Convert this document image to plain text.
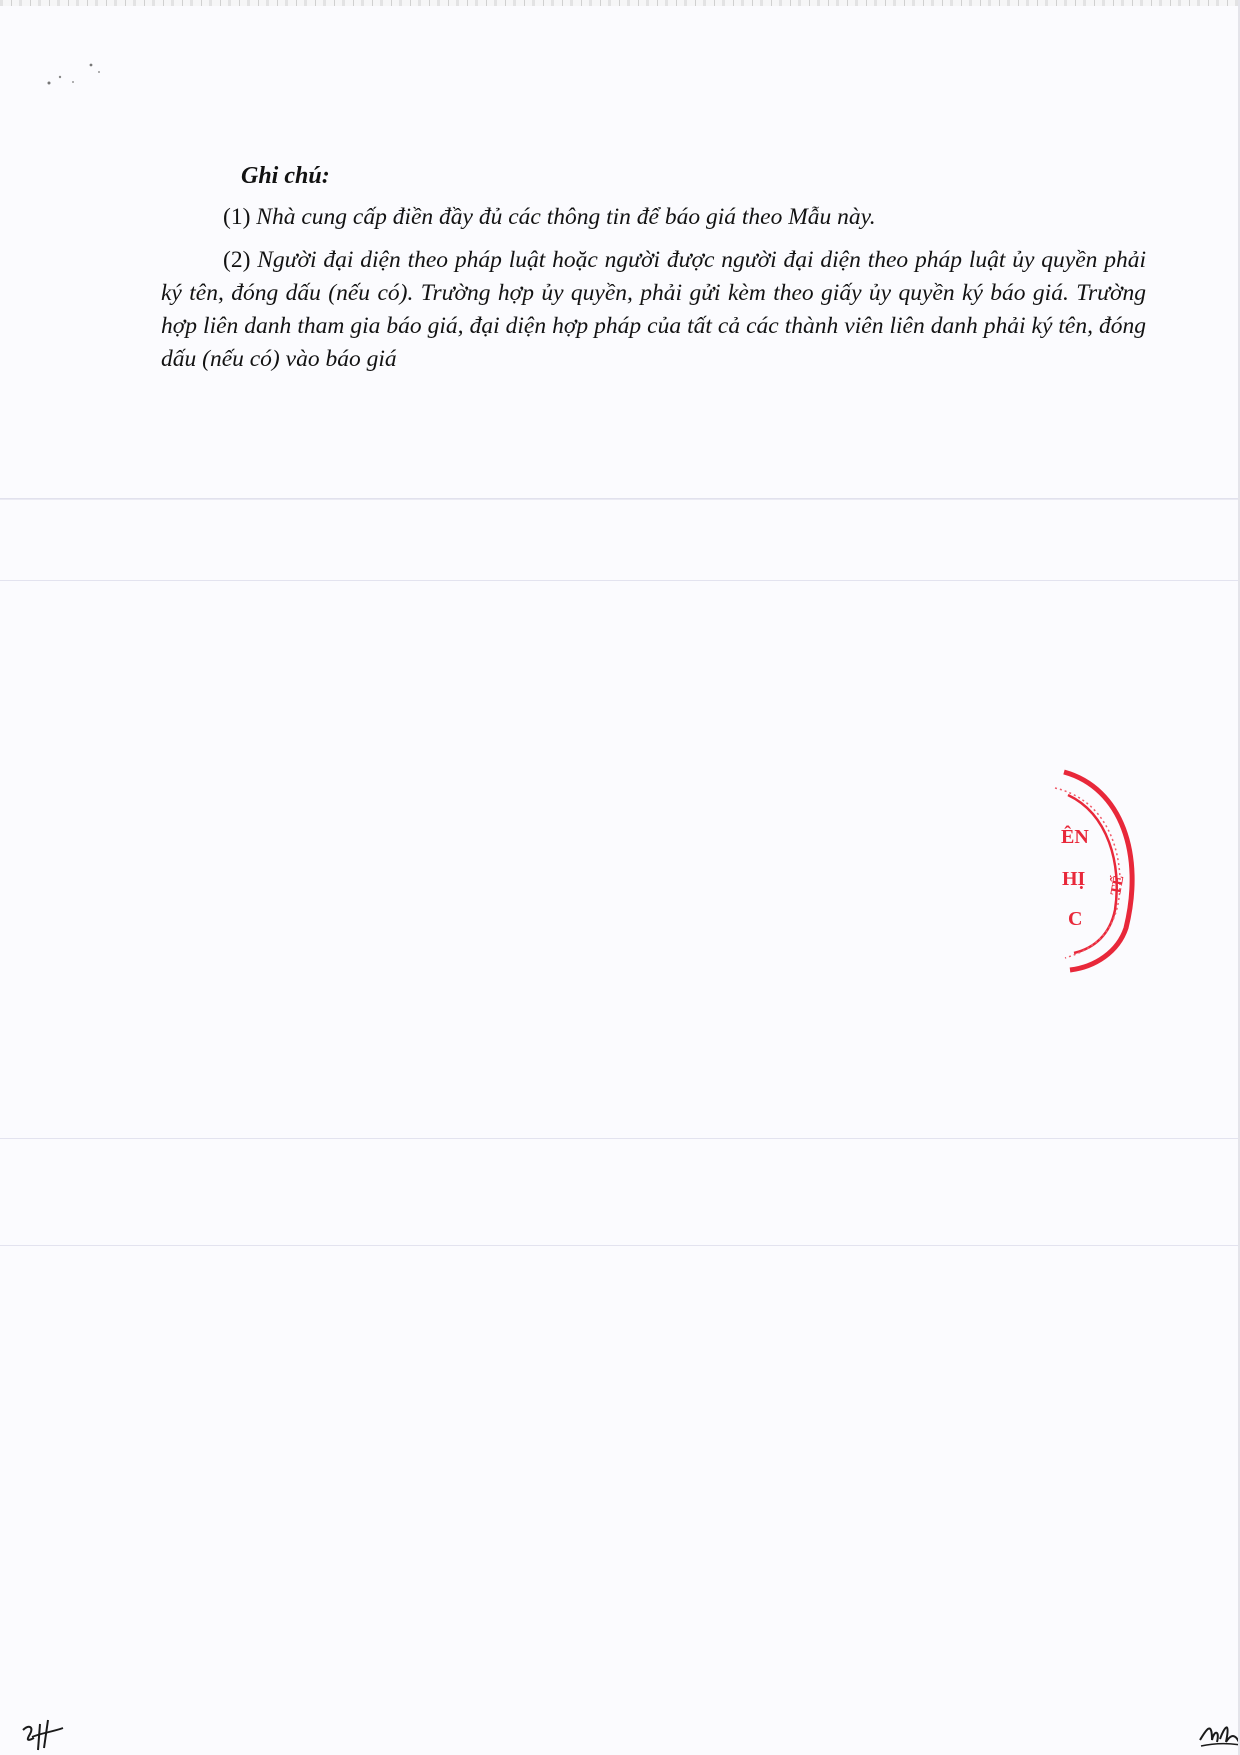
Ghi chú:

(1) Nhà cung cấp điền đầy đủ các thông tin để báo giá theo Mẫu này.

(2) Người đại diện theo pháp luật hoặc người được người đại diện theo pháp luật ủy quyền phải ký tên, đóng dấu (nếu có). Trường hợp ủy quyền, phải gửi kèm theo giấy ủy quyền ký báo giá. Trường hợp liên danh tham gia báo giá, đại diện hợp pháp của tất cả các thành viên liên danh phải ký tên, đóng dấu (nếu có) vào báo giá

ÊN
HỊ
C
TẾ
